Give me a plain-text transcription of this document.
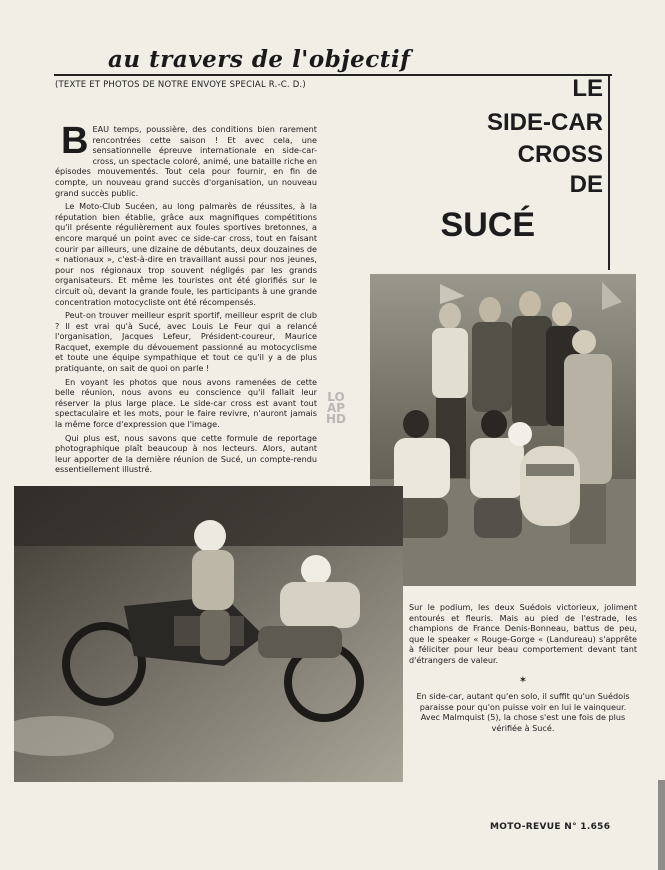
au travers de l'objectif
(TEXTE ET PHOTOS DE NOTRE ENVOYE SPECIAL R.-C. D.)	LE
SIDE-CAR
CROSS
DE
SUCÉ

BEAU temps, poussière, des conditions bien rarement rencontrées cette saison ! Et avec cela, une sensationnelle épreuve internationale en side-car-cross, un spectacle coloré, animé, une bataille riche en épisodes mouvementés. Tout cela pour fournir, en fin de compte, un nouveau grand succès d'organisation, un nouveau grand succès public.

Le Moto-Club Sucéen, au long palmarès de réussites, à la réputation bien établie, grâce aux magnifiques compétitions qu'il présente régulièrement aux foules sportives bretonnes, a encore marqué un point avec ce side-car cross, tout en faisant courir par ailleurs, une dizaine de débutants, deux douzaines de « nationaux », c'est-à-dire en travaillant aussi pour nos jeunes, pour nos régionaux trop souvent négligés par les grands organisateurs. Et même les touristes ont été glorifiés sur le circuit où, devant la grande foule, les participants à une grande concentration motocycliste ont été récompensés.

Peut-on trouver meilleur esprit sportif, meilleur esprit de club ? Il est vrai qu'à Sucé, avec Louis Le Feur qui a relancé l'organisation, Jacques Lefeur, Président-coureur, Maurice Racquet, exemple du dévouement passionné au motocyclisme et toute une équipe sympathique et tout ce qu'il y a de plus pratiquante, on sait de quoi on parle !

En voyant les photos que nous avons ramenées de cette belle réunion, nous avons eu conscience qu'il fallait leur réserver la plus large place. Le side-car cross est avant tout spectaculaire et les mots, pour le faire revivre, n'auront jamais la même force d'expression que l'image.

Qui plus est, nous savons que cette formule de reportage photographique plaît beaucoup à nos lecteurs. Alors, autant leur apporter de la dernière réunion de Sucé, un compte-rendu essentiellement illustré.

LO
AP
HD

Sur le podium, les deux Suédois victorieux, joliment entourés et fleuris. Mais au pied de l'estrade, les champions de France Denis-Bonneau, battus de peu, que le speaker « Rouge-Gorge « (Landureau) s'apprête à féliciter pour leur beau comportement devant tant d'étrangers de valeur.

✶

En side-car, autant qu'en solo, il suffit qu'un Suédois paraisse pour qu'on puisse voir en lui le vainqueur. Avec Malmquist (5), la chose s'est une fois de plus vérifiée à Sucé.

MOTO-REVUE N° 1.656
